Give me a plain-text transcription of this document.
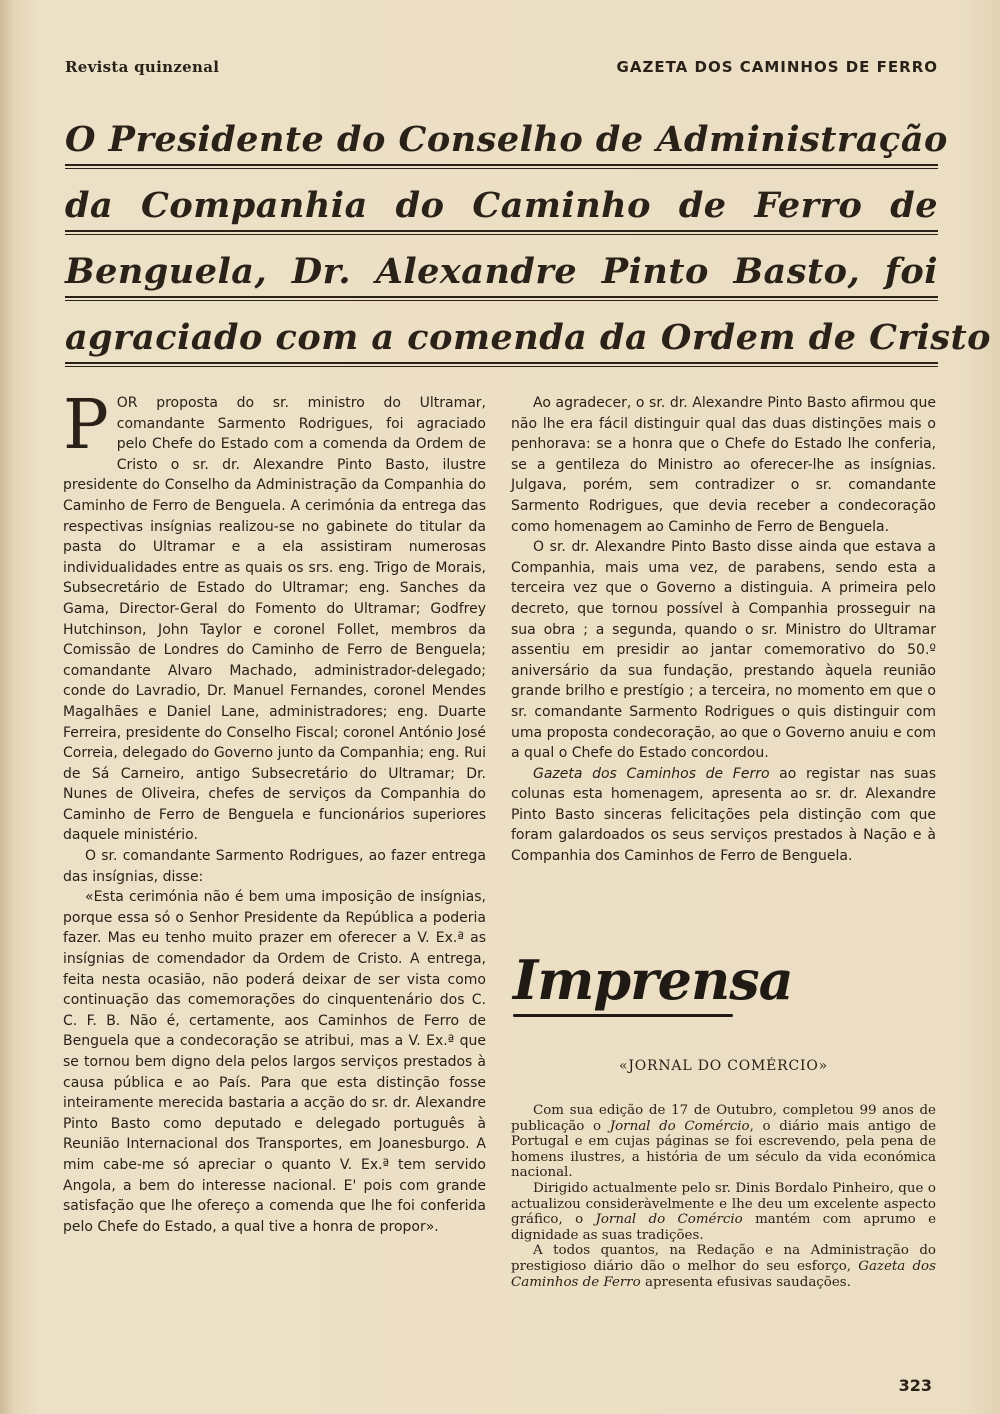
Revista quinzenal	GAZETA DOS CAMINHOS DE FERRO
O Presidente do Conselho de Administração
da Companhia do Caminho de Ferro de
Benguela, Dr. Alexandre Pinto Basto, foi
agraciado com a comenda da Ordem de Cristo

POR proposta do sr. ministro do Ultramar, comandante Sarmento Rodrigues, foi agraciado pelo Chefe do Estado com a comenda da Ordem de Cristo o sr. dr. Alexandre Pinto Basto, ilustre presidente do Conselho da Administração da Companhia do Caminho de Ferro de Benguela. A cerimónia da entrega das respectivas insígnias realizou-se no gabinete do titular da pasta do Ultramar e a ela assistiram numerosas individualidades entre as quais os srs. eng. Trigo de Morais, Subsecretário de Estado do Ultramar; eng. Sanches da Gama, Director-Geral do Fomento do Ultramar; Godfrey Hutchinson, John Taylor e coronel Follet, membros da Comissão de Londres do Caminho de Ferro de Benguela; comandante Alvaro Machado, administrador-delegado; conde do Lavradio, Dr. Manuel Fernandes, coronel Mendes Magalhães e Daniel Lane, administradores; eng. Duarte Ferreira, presidente do Conselho Fiscal; coronel António José Correia, delegado do Governo junto da Companhia; eng. Rui de Sá Carneiro, antigo Subsecretário do Ultramar; Dr. Nunes de Oliveira, chefes de serviços da Companhia do Caminho de Ferro de Benguela e funcionários superiores daquele ministério.

O sr. comandante Sarmento Rodrigues, ao fazer entrega das insígnias, disse:

«Esta cerimónia não é bem uma imposição de insígnias, porque essa só o Senhor Presidente da República a poderia fazer. Mas eu tenho muito prazer em oferecer a V. Ex.ª as insígnias de comendador da Ordem de Cristo. A entrega, feita nesta ocasião, não poderá deixar de ser vista como continuação das comemorações do cinquentenário dos C. C. F. B. Não é, certamente, aos Caminhos de Ferro de Benguela que a condecoração se atribui, mas a V. Ex.ª que se tornou bem digno dela pelos largos serviços prestados à causa pública e ao País. Para que esta distinção fosse inteiramente merecida bastaria a acção do sr. dr. Alexandre Pinto Basto como deputado e delegado português à Reunião Internacional dos Transportes, em Joanesburgo. A mim cabe-me só apreciar o quanto V. Ex.ª tem servido Angola, a bem do interesse nacional. E' pois com grande satisfação que lhe ofereço a comenda que lhe foi conferida pelo Chefe do Estado, a qual tive a honra de propor».

Ao agradecer, o sr. dr. Alexandre Pinto Basto afirmou que não lhe era fácil distinguir qual das duas distinções mais o penhorava: se a honra que o Chefe do Estado lhe conferia, se a gentileza do Ministro ao oferecer-lhe as insígnias. Julgava, porém, sem contradizer o sr. comandante Sarmento Rodrigues, que devia receber a condecoração como homenagem ao Caminho de Ferro de Benguela.

O sr. dr. Alexandre Pinto Basto disse ainda que estava a Companhia, mais uma vez, de parabens, sendo esta a terceira vez que o Governo a distinguia. A primeira pelo decreto, que tornou possível à Companhia prosseguir na sua obra ; a segunda, quando o sr. Ministro do Ultramar assentiu em presidir ao jantar comemorativo do 50.º aniversário da sua fundação, prestando àquela reunião grande brilho e prestígio ; a terceira, no momento em que o sr. comandante Sarmento Rodrigues o quis distinguir com uma proposta condecoração, ao que o Governo anuiu e com a qual o Chefe do Estado concordou.

Gazeta dos Caminhos de Ferro ao registar nas suas colunas esta homenagem, apresenta ao sr. dr. Alexandre Pinto Basto sinceras felicitações pela distinção com que foram galardoados os seus serviços prestados à Nação e à Companhia dos Caminhos de Ferro de Benguela.

Imprensa
«JORNAL DO COMÉRCIO»

Com sua edição de 17 de Outubro, completou 99 anos de publicação o Jornal do Comércio, o diário mais antigo de Portugal e em cujas páginas se foi escrevendo, pela pena de homens ilustres, a história de um século da vida económica nacional.

Dirigido actualmente pelo sr. Dinis Bordalo Pinheiro, que o actualizou consideràvelmente e lhe deu um excelente aspecto gráfico, o Jornal do Comércio mantém com aprumo e dignidade as suas tradições.

A todos quantos, na Redação e na Administração do prestigioso diário dão o melhor do seu esforço, Gazeta dos Caminhos de Ferro apresenta efusivas saudações.

323
